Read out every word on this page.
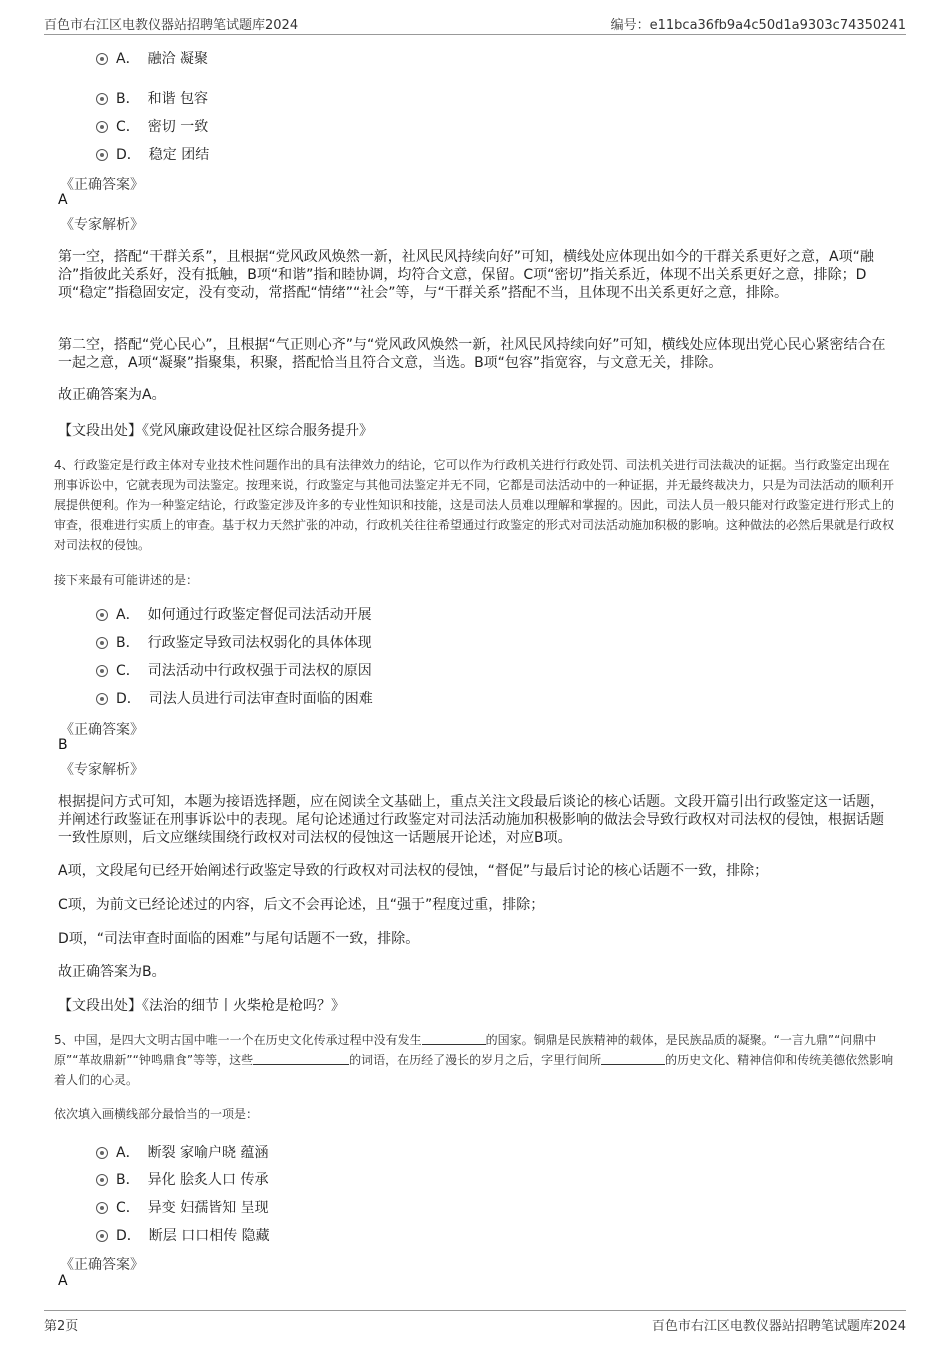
百色市右江区电教仪器站招聘笔试题库2024	编号：e11bca36fb9a4c50d1a9303c74350241
A． 融洽 凝聚
B． 和谐 包容
C． 密切 一致
D． 稳定 团结
《正确答案》
A
《专家解析》
第一空，搭配“干群关系”，且根据“党风政风焕然一新，社风民风持续向好”可知，横线处应体现出如今的干群关系更好之意，A项“融洽”指彼此关系好，没有抵触，B项“和谐”指和睦协调，均符合文意，保留。C项“密切”指关系近，体现不出关系更好之意，排除；D项“稳定”指稳固安定，没有变动，常搭配“情绪”“社会”等，与“干群关系”搭配不当，且体现不出关系更好之意，排除。
第二空，搭配“党心民心”，且根据“气正则心齐”与“党风政风焕然一新，社风民风持续向好”可知，横线处应体现出党心民心紧密结合在一起之意，A项“凝聚”指聚集，积聚，搭配恰当且符合文意，当选。B项“包容”指宽容，与文意无关，排除。
故正确答案为A。
【文段出处】《党风廉政建设促社区综合服务提升》
4、行政鉴定是行政主体对专业技术性问题作出的具有法律效力的结论，它可以作为行政机关进行行政处罚、司法机关进行司法裁决的证据。当行政鉴定出现在刑事诉讼中，它就表现为司法鉴定。按理来说，行政鉴定与其他司法鉴定并无不同，它都是司法活动中的一种证据，并无最终裁决力，只是为司法活动的顺利开展提供便利。作为一种鉴定结论，行政鉴定涉及许多的专业性知识和技能，这是司法人员难以理解和掌握的。因此，司法人员一般只能对行政鉴定进行形式上的审查，很难进行实质上的审查。基于权力天然扩张的冲动，行政机关往往希望通过行政鉴定的形式对司法活动施加积极的影响。这种做法的必然后果就是行政权对司法权的侵蚀。
接下来最有可能讲述的是：
A． 如何通过行政鉴定督促司法活动开展
B． 行政鉴定导致司法权弱化的具体体现
C． 司法活动中行政权强于司法权的原因
D． 司法人员进行司法审查时面临的困难
《正确答案》
B
《专家解析》
根据提问方式可知，本题为接语选择题，应在阅读全文基础上，重点关注文段最后谈论的核心话题。文段开篇引出行政鉴定这一话题，并阐述行政鉴证在刑事诉讼中的表现。尾句论述通过行政鉴定对司法活动施加积极影响的做法会导致行政权对司法权的侵蚀，根据话题一致性原则，后文应继续围绕行政权对司法权的侵蚀这一话题展开论述，对应B项。
A项，文段尾句已经开始阐述行政鉴定导致的行政权对司法权的侵蚀，“督促”与最后讨论的核心话题不一致，排除；
C项，为前文已经论述过的内容，后文不会再论述，且“强于”程度过重，排除；
D项，“司法审查时面临的困难”与尾句话题不一致，排除。
故正确答案为B。
【文段出处】《法治的细节丨火柴枪是枪吗？》
5、中国，是四大文明古国中唯一一个在历史文化传承过程中没有发生	的国家。铜鼎是民族精神的载体，是民族品质的凝聚。“一言九鼎”“问鼎中原”“革故鼎新”“钟鸣鼎食”等等，这些	的词语，在历经了漫长的岁月之后，字里行间所	的历史文化、精神信仰和传统美德依然影响着人们的心灵。
依次填入画横线部分最恰当的一项是：
A． 断裂 家喻户晓 蕴涵
B． 异化 脍炙人口 传承
C． 异变 妇孺皆知 呈现
D． 断层 口口相传 隐藏
《正确答案》
A
第2页	百色市右江区电教仪器站招聘笔试题库2024
